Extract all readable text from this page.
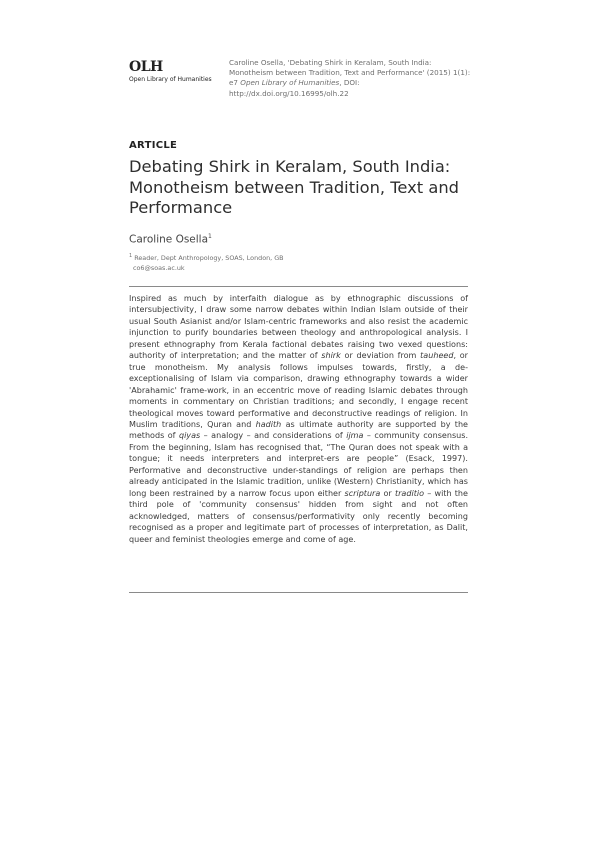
OLH
Open Library of Humanities
Caroline Osella, 'Debating Shirk in Keralam, South India: Monotheism between Tradition, Text and Performance' (2015) 1(1): e7 Open Library of Humanities, DOI: http://dx.doi.org/10.16995/olh.22
ARTICLE
Debating Shirk in Keralam, South India: Monotheism between Tradition, Text and Performance
Caroline Osella$^1$
$^1$ Reader, Dept Anthropology, SOAS, London, GB
co6@soas.ac.uk

Inspired as much by interfaith dialogue as by ethnographic discussions of intersubjectivity, I draw some narrow debates within Indian Islam outside of their usual South Asianist and/or Islam-centric frameworks and also resist the academic injunction to purify boundaries between theology and anthropological analysis. I present ethnography from Kerala factional debates raising two vexed questions: authority of interpretation; and the matter of shirk or deviation from tauheed, or true monotheism. My analysis follows impulses towards, firstly, a de-exceptionalising of Islam via comparison, drawing ethnography towards a wider 'Abrahamic' frame-work, in an eccentric move of reading Islamic debates through moments in commentary on Christian traditions; and secondly, I engage recent theological moves toward performative and deconstructive readings of religion. In Muslim traditions, Quran and hadith as ultimate authority are supported by the methods of qiyas – analogy – and considerations of ijma – community consensus. From the beginning, Islam has recognised that, “The Quran does not speak with a tongue; it needs interpreters and interpret-ers are people” (Esack, 1997). Performative and deconstructive under-standings of religion are perhaps then already anticipated in the Islamic tradition, unlike (Western) Christianity, which has long been restrained by a narrow focus upon either scriptura or traditio – with the third pole of 'community consensus' hidden from sight and not often acknowledged, matters of consensus/performativity only recently becoming recognised as a proper and legitimate part of processes of interpretation, as Dalit, queer and feminist theologies emerge and come of age.
